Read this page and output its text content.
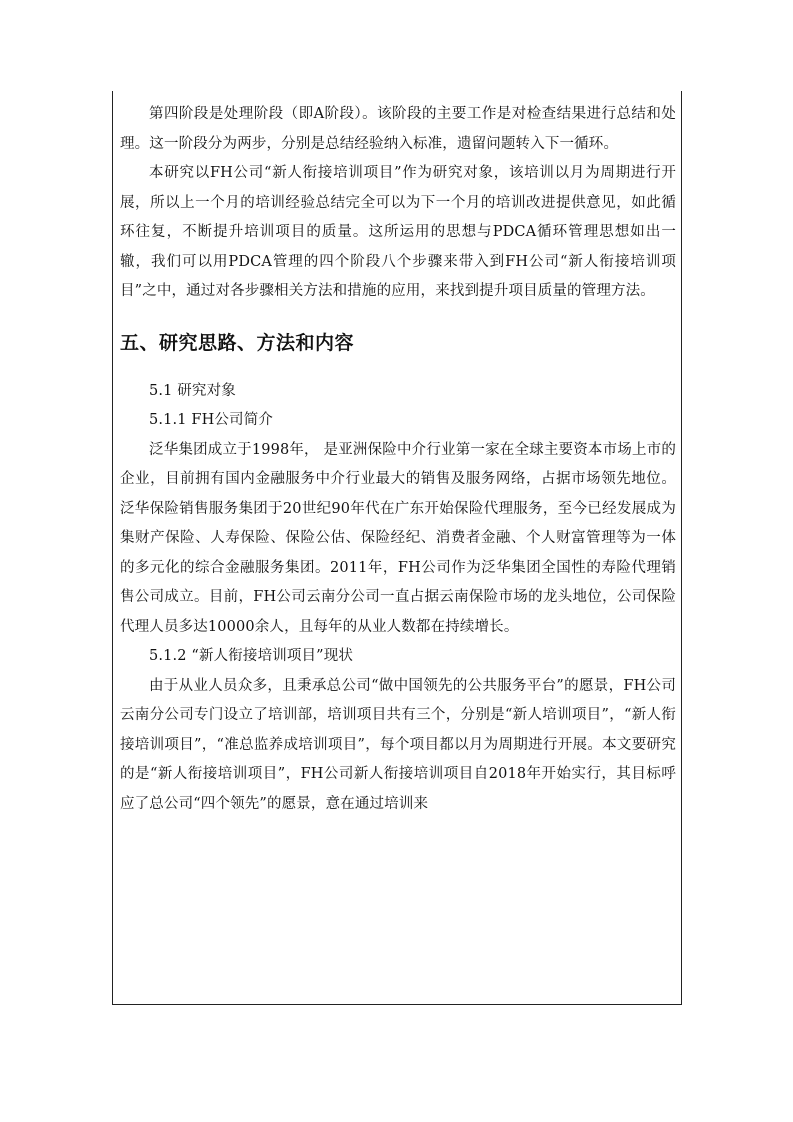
第四阶段是处理阶段（即A阶段）。该阶段的主要工作是对检查结果进行总结和处理。这一阶段分为两步，分别是总结经验纳入标准，遗留问题转入下一循环。

本研究以FH公司“新人衔接培训项目”作为研究对象，该培训以月为周期进行开展，所以上一个月的培训经验总结完全可以为下一个月的培训改进提供意见，如此循环往复，不断提升培训项目的质量。这所运用的思想与PDCA循环管理思想如出一辙，我们可以用PDCA管理的四个阶段八个步骤来带入到FH公司“新人衔接培训项目”之中，通过对各步骤相关方法和措施的应用，来找到提升项目质量的管理方法。

五、研究思路、方法和内容

5.1 研究对象

5.1.1 FH公司简介

泛华集团成立于1998年， 是亚洲保险中介行业第一家在全球主要资本市场上市的企业，目前拥有国内金融服务中介行业最大的销售及服务网络，占据市场领先地位。泛华保险销售服务集团于20世纪90年代在广东开始保险代理服务，至今已经发展成为集财产保险、人寿保险、保险公估、保险经纪、消费者金融、个人财富管理等为一体的多元化的综合金融服务集团。2011年，FH公司作为泛华集团全国性的寿险代理销售公司成立。目前，FH公司云南分公司一直占据云南保险市场的龙头地位，公司保险代理人员多达10000余人，且每年的从业人数都在持续增长。

5.1.2 “新人衔接培训项目”现状

由于从业人员众多，且秉承总公司“做中国领先的公共服务平台”的愿景，FH公司云南分公司专门设立了培训部，培训项目共有三个，分别是“新人培训项目”，“新人衔接培训项目”，“准总监养成培训项目”，每个项目都以月为周期进行开展。本文要研究的是“新人衔接培训项目”，FH公司新人衔接培训项目自2018年开始实行，其目标呼应了总公司“四个领先”的愿景，意在通过培训来
